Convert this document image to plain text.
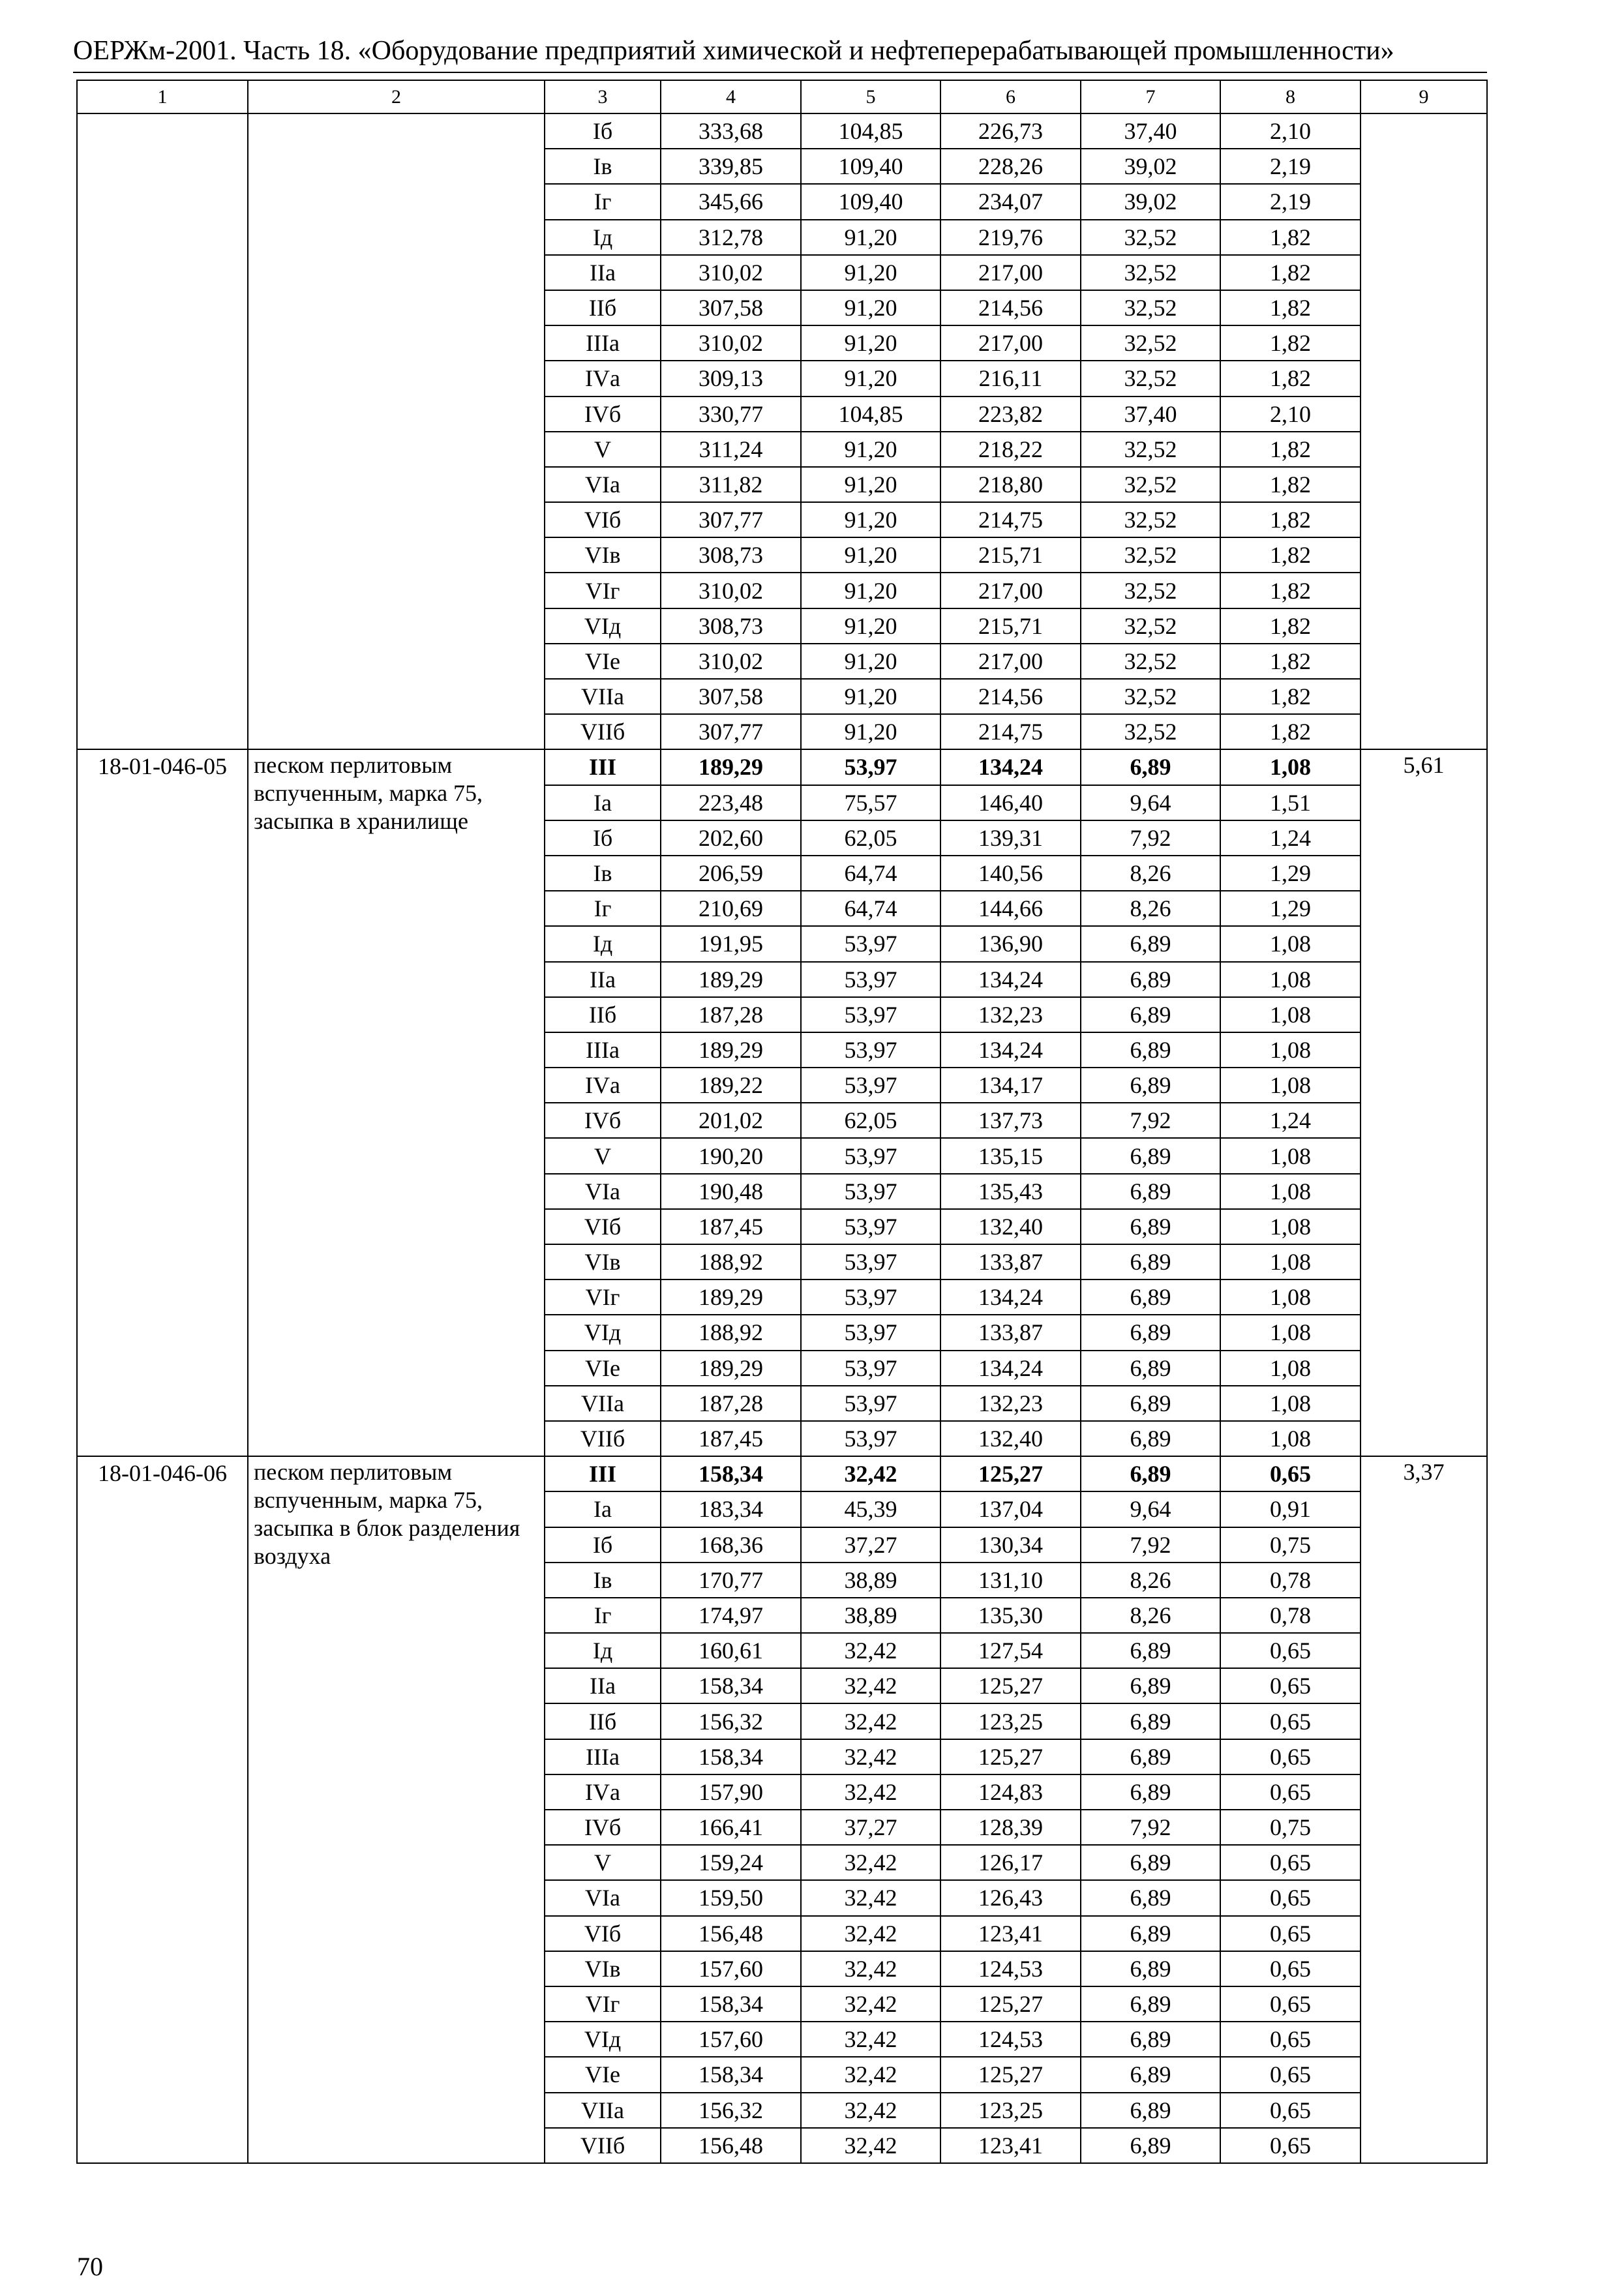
ОЕРЖм-2001. Часть 18. «Оборудование предприятий химической и нефтеперерабатывающей промышленности»
1	2	3	4	5	6	7	8	9
		Iб	333,68	104,85	226,73	37,40	2,10	
		Iв	339,85	109,40	228,26	39,02	2,19	
		Iг	345,66	109,40	234,07	39,02	2,19	
		Iд	312,78	91,20	219,76	32,52	1,82	
		IIа	310,02	91,20	217,00	32,52	1,82	
		IIб	307,58	91,20	214,56	32,52	1,82	
		IIIа	310,02	91,20	217,00	32,52	1,82	
		IVа	309,13	91,20	216,11	32,52	1,82	
		IVб	330,77	104,85	223,82	37,40	2,10	
		V	311,24	91,20	218,22	32,52	1,82	
		VIа	311,82	91,20	218,80	32,52	1,82	
		VIб	307,77	91,20	214,75	32,52	1,82	
		VIв	308,73	91,20	215,71	32,52	1,82	
		VIг	310,02	91,20	217,00	32,52	1,82	
		VIд	308,73	91,20	215,71	32,52	1,82	
		VIе	310,02	91,20	217,00	32,52	1,82	
		VIIа	307,58	91,20	214,56	32,52	1,82	
		VIIб	307,77	91,20	214,75	32,52	1,82	
18-01-046-05	песком перлитовым вспученным, марка 75, засыпка в хранилище	III	189,29	53,97	134,24	6,89	1,08	5,61
		Iа	223,48	75,57	146,40	9,64	1,51	
		Iб	202,60	62,05	139,31	7,92	1,24	
		Iв	206,59	64,74	140,56	8,26	1,29	
		Iг	210,69	64,74	144,66	8,26	1,29	
		Iд	191,95	53,97	136,90	6,89	1,08	
		IIа	189,29	53,97	134,24	6,89	1,08	
		IIб	187,28	53,97	132,23	6,89	1,08	
		IIIа	189,29	53,97	134,24	6,89	1,08	
		IVа	189,22	53,97	134,17	6,89	1,08	
		IVб	201,02	62,05	137,73	7,92	1,24	
		V	190,20	53,97	135,15	6,89	1,08	
		VIа	190,48	53,97	135,43	6,89	1,08	
		VIб	187,45	53,97	132,40	6,89	1,08	
		VIв	188,92	53,97	133,87	6,89	1,08	
		VIг	189,29	53,97	134,24	6,89	1,08	
		VIд	188,92	53,97	133,87	6,89	1,08	
		VIе	189,29	53,97	134,24	6,89	1,08	
		VIIа	187,28	53,97	132,23	6,89	1,08	
		VIIб	187,45	53,97	132,40	6,89	1,08	
18-01-046-06	песком перлитовым вспученным, марка 75, засыпка в блок разделения воздуха	III	158,34	32,42	125,27	6,89	0,65	3,37
		Iа	183,34	45,39	137,04	9,64	0,91	
		Iб	168,36	37,27	130,34	7,92	0,75	
		Iв	170,77	38,89	131,10	8,26	0,78	
		Iг	174,97	38,89	135,30	8,26	0,78	
		Iд	160,61	32,42	127,54	6,89	0,65	
		IIа	158,34	32,42	125,27	6,89	0,65	
		IIб	156,32	32,42	123,25	6,89	0,65	
		IIIа	158,34	32,42	125,27	6,89	0,65	
		IVа	157,90	32,42	124,83	6,89	0,65	
		IVб	166,41	37,27	128,39	7,92	0,75	
		V	159,24	32,42	126,17	6,89	0,65	
		VIа	159,50	32,42	126,43	6,89	0,65	
		VIб	156,48	32,42	123,41	6,89	0,65	
		VIв	157,60	32,42	124,53	6,89	0,65	
		VIг	158,34	32,42	125,27	6,89	0,65	
		VIд	157,60	32,42	124,53	6,89	0,65	
		VIе	158,34	32,42	125,27	6,89	0,65	
		VIIа	156,32	32,42	123,25	6,89	0,65	
		VIIб	156,48	32,42	123,41	6,89	0,65	
70
